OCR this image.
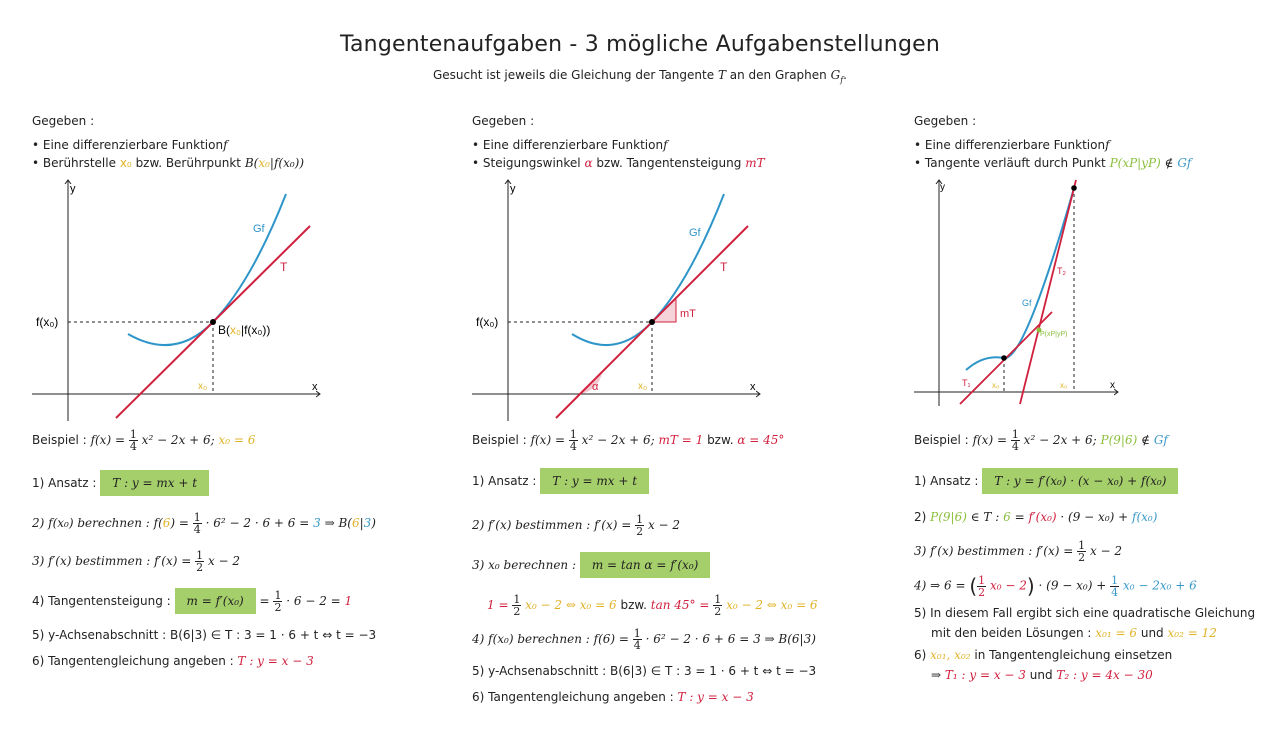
Tangentenaufgaben - 3 mögliche Aufgabenstellungen
Gesucht ist jeweils die Gleichung der Tangente T an den Graphen $G_f$.
Gegeben :
• Eine differenzierbare Funktionf
• Berührstelle x₀ bzw. Berührpunkt B(x₀|f(x₀))
y
x
Gf
T
f(x₀)
x₀
B(x₀|f(x₀))
Beispiel : $f(x) = \frac{1}{4} x^2 - 2x + 6$; x₀ = 6
1) Ansatz : T : y = mx + t
2) f(x₀) berechnen : $f(6) = \frac{1}{4} \cdot 6^2 - 2 \cdot 6 + 6 = 3$ ⇒ B(6|3)
3) f′(x) bestimmen : $f'(x) = \frac{1}{2}$ x − 2
4) Tangentensteigung : $m = f'(x_0) = \frac{1}{2} \cdot 6 - 2 = 1$
5) y-Achsenabschnitt : B(6|3) ∈ T : 3 = 1 · 6 + t ⇔ t = −3
6) Tangentengleichung angeben : T : y = x − 3
Gegeben :
• Eine differenzierbare Funktionf
• Steigungswinkel α bzw. Tangentensteigung mT
y
x
Gf
T
f(x₀)
x₀
mT
α
Beispiel : $f(x) = \frac{1}{4} x^2 - 2x + 6$; mT = 1 bzw. α = 45°
1) Ansatz : T : y = mx + t
2) f′(x) bestimmen : $f'(x) = \frac{1}{2}$ x − 2
3) x₀ berechnen : m = tan α = f′(x₀)
$1 = \frac{1}{2} x_0 - 2$ ⇔ x₀ = 6 bzw. $\tan 45^\circ = \frac{1}{2} x_0 - 2$ ⇔ x₀ = 6
4) f(x₀) berechnen : $f(6) = \frac{1}{4} \cdot 6^2 - 2 \cdot 6 + 6 = 3$ ⇒ B(6|3)
5) y-Achsenabschnitt : B(6|3) ∈ T : 3 = 1 · 6 + t ⇔ t = −3
6) Tangentengleichung angeben : T : y = x − 3
Gegeben :
• Eine differenzierbare Funktionf
• Tangente verläuft durch Punkt P(xP|yP) ∉ Gf
y
x
Gf
T₂
T₁	x₀	x₀
P(xP|yP)
Beispiel : $f(x) = \frac{1}{4} x^2 - 2x + 6$; P(9|6) ∉ Gf
1) Ansatz : T : y = f′(x₀) · (x − x₀) + f(x₀)
2) P(9|6) ∈ T : 6 = f′(x₀) · (9 − x₀) + f(x₀)
3) f′(x) bestimmen : $f'(x) = \frac{1}{2}$ x − 2
4) ⇒ 6 = ( $\frac{1}{2} x_0 - 2) \cdot (9 - x_0) + \frac{1}{4} x_0 - 2x_0 + 6$
5) In diesem Fall ergibt sich eine quadratische Gleichung
mit den beiden Lösungen : x₀₁ = 6 und x₀₂ = 12
6) x₀₁, x₀₂ in Tangentengleichung einsetzen
⇒ T₁ : y = x − 3 und T₂ : y = 4x − 30
